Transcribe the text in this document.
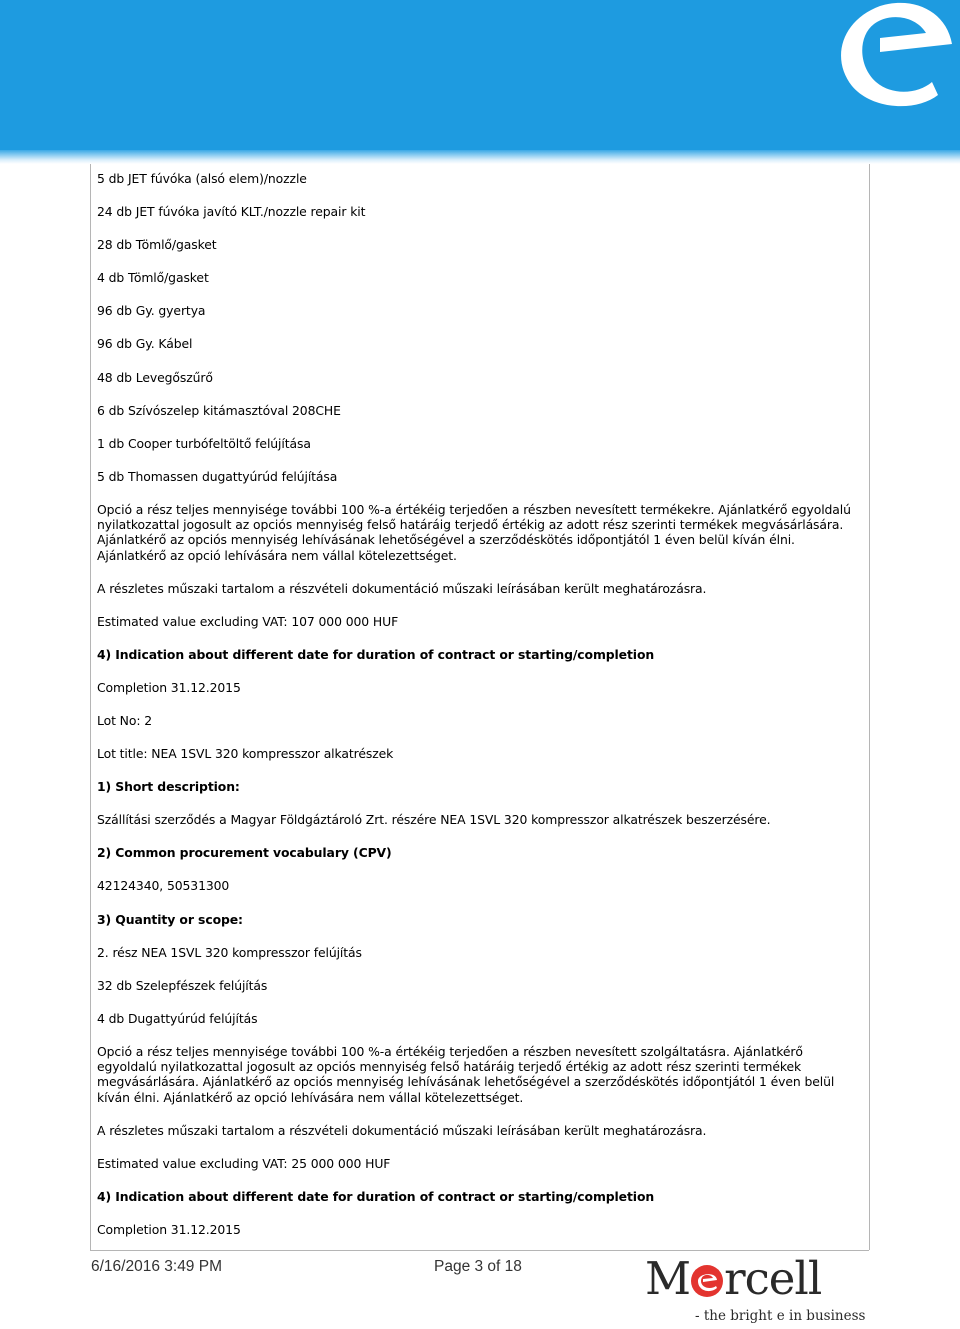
5 db JET fúvóka (alsó elem)/nozzle

24 db JET fúvóka javító KLT./nozzle repair kit

28 db Tömlő/gasket

4 db Tömlő/gasket

96 db Gy. gyertya

96 db Gy. Kábel

48 db Levegőszűrő

6 db Szívószelep kitámasztóval 208CHE

1 db Cooper turbófeltöltő felújítása

5 db Thomassen dugattyúrúd felújítása

Opció a rész teljes mennyisége további 100 %-a értékéig terjedően a részben nevesített termékekre. Ajánlatkérő egyoldalú nyilatkozattal jogosult az opciós mennyiség felső határáig terjedő értékig az adott rész szerinti termékek megvásárlására. Ajánlatkérő az opciós mennyiség lehívásának lehetőségével a szerződéskötés időpontjától 1 éven belül kíván élni. Ajánlatkérő az opció lehívására nem vállal kötelezettséget.

A részletes műszaki tartalom a részvételi dokumentáció műszaki leírásában került meghatározásra.

Estimated value excluding VAT: 107 000 000 HUF

4) Indication about different date for duration of contract or starting/completion

Completion 31.12.2015

Lot No: 2

Lot title: NEA 1SVL 320 kompresszor alkatrészek

1) Short description:

Szállítási szerződés a Magyar Földgáztároló Zrt. részére NEA 1SVL 320 kompresszor alkatrészek beszerzésére.

2) Common procurement vocabulary (CPV)

42124340, 50531300

3) Quantity or scope:

2. rész NEA 1SVL 320 kompresszor felújítás

32 db Szelepfészek felújítás

4 db Dugattyúrúd felújítás

Opció a rész teljes mennyisége további 100 %-a értékéig terjedően a részben nevesített szolgáltatásra. Ajánlatkérő egyoldalú nyilatkozattal jogosult az opciós mennyiség felső határáig terjedő értékig az adott rész szerinti termékek megvásárlására. Ajánlatkérő az opciós mennyiség lehívásának lehetőségével a szerződéskötés időpontjától 1 éven belül kíván élni. Ajánlatkérő az opció lehívására nem vállal kötelezettséget.

A részletes műszaki tartalom a részvételi dokumentáció műszaki leírásában került meghatározásra.

Estimated value excluding VAT: 25 000 000 HUF

4) Indication about different date for duration of contract or starting/completion

Completion 31.12.2015

6/16/2016 3:49 PM	Page 3 of 18	M rcell
- the bright e in business
